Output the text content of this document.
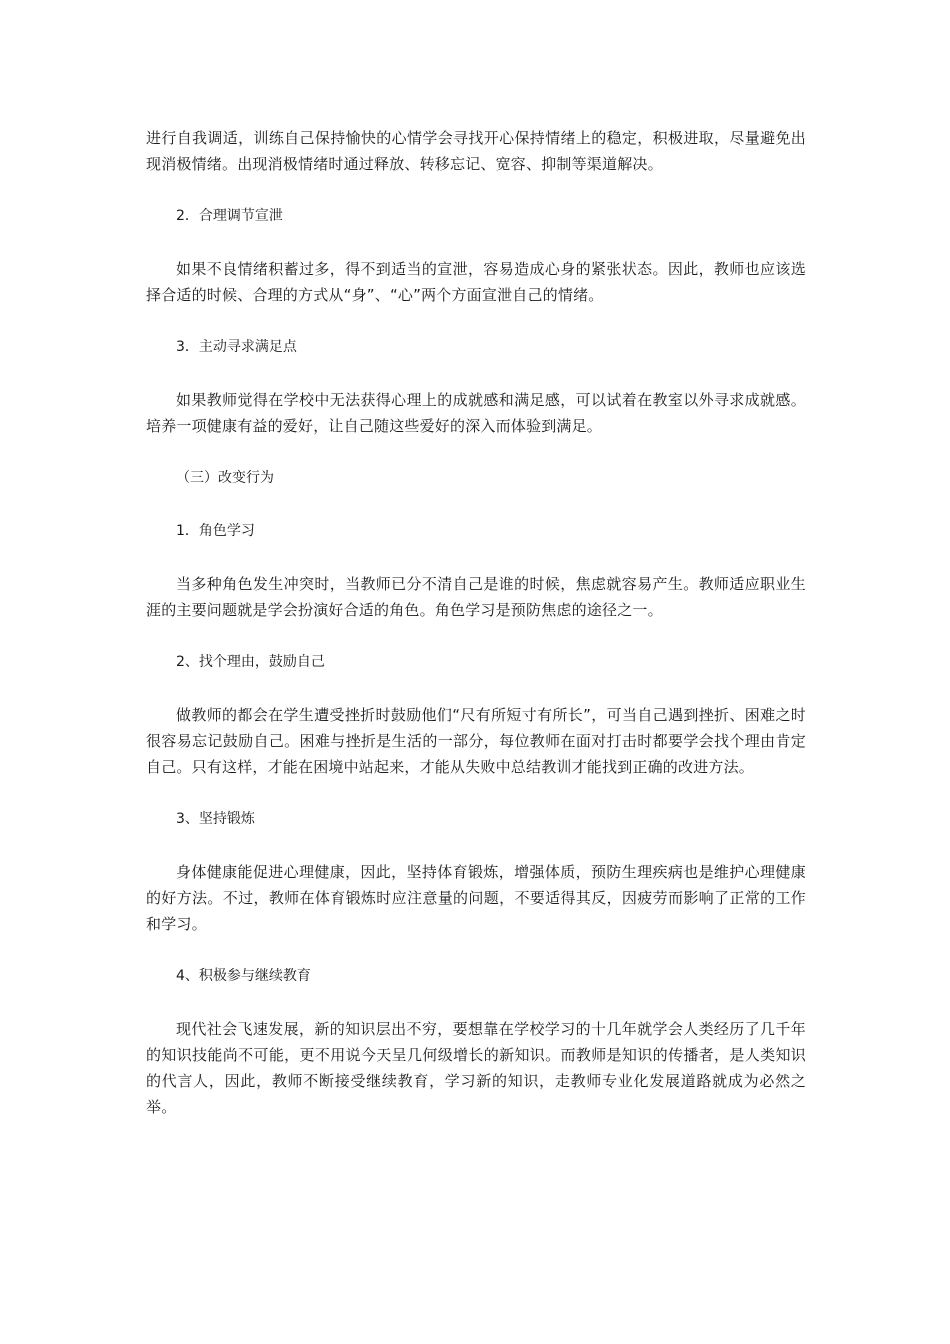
进行自我调适，训练自己保持愉快的心情学会寻找开心保持情绪上的稳定，积极进取，尽量避免出现消极情绪。出现消极情绪时通过释放、转移忘记、宽容、抑制等渠道解决。

2．合理调节宣泄

如果不良情绪积蓄过多，得不到适当的宣泄，容易造成心身的紧张状态。因此，教师也应该选择合适的时候、合理的方式从“身”、“心”两个方面宣泄自己的情绪。

3．主动寻求满足点

如果教师觉得在学校中无法获得心理上的成就感和满足感，可以试着在教室以外寻求成就感。培养一项健康有益的爱好，让自己随这些爱好的深入而体验到满足。

（三）改变行为

1．角色学习

当多种角色发生冲突时，当教师已分不清自己是谁的时候，焦虑就容易产生。教师适应职业生涯的主要问题就是学会扮演好合适的角色。角色学习是预防焦虑的途径之一。

2、找个理由，鼓励自己

做教师的都会在学生遭受挫折时鼓励他们“尺有所短寸有所长”，可当自己遇到挫折、困难之时很容易忘记鼓励自己。困难与挫折是生活的一部分，每位教师在面对打击时都要学会找个理由肯定自己。只有这样，才能在困境中站起来，才能从失败中总结教训才能找到正确的改进方法。

3、坚持锻炼

身体健康能促进心理健康，因此，坚持体育锻炼，增强体质，预防生理疾病也是维护心理健康的好方法。不过，教师在体育锻炼时应注意量的问题，不要适得其反，因疲劳而影响了正常的工作和学习。

4、积极参与继续教育

现代社会飞速发展，新的知识层出不穷，要想靠在学校学习的十几年就学会人类经历了几千年的知识技能尚不可能，更不用说今天呈几何级增长的新知识。而教师是知识的传播者，是人类知识的代言人，因此，教师不断接受继续教育，学习新的知识，走教师专业化发展道路就成为必然之举。
